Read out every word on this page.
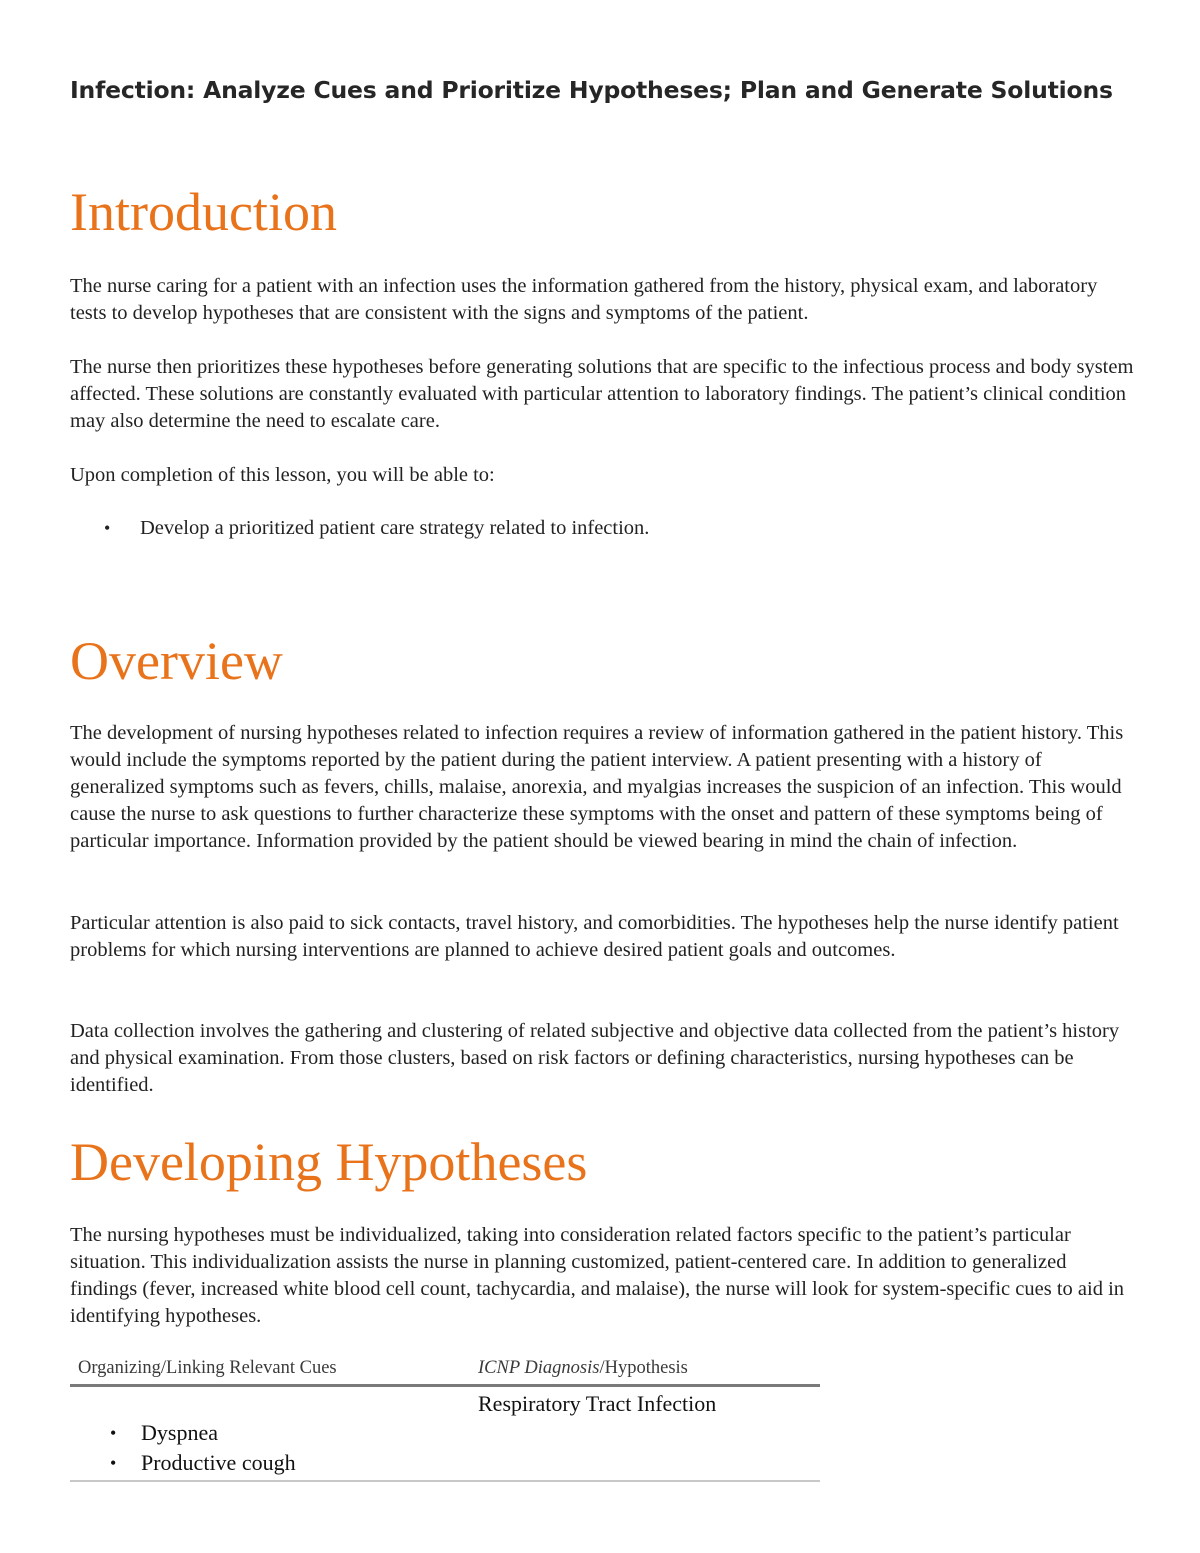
Infection: Analyze Cues and Prioritize Hypotheses; Plan and Generate Solutions
Introduction

The nurse caring for a patient with an infection uses the information gathered from the history, physical exam, and laboratory tests to develop hypotheses that are consistent with the signs and symptoms of the patient.

The nurse then prioritizes these hypotheses before generating solutions that are specific to the infectious process and body system affected. These solutions are constantly evaluated with particular attention to laboratory findings. The patient’s clinical condition may also determine the need to escalate care.

Upon completion of this lesson, you will be able to:

• Develop a prioritized patient care strategy related to infection.
Overview

The development of nursing hypotheses related to infection requires a review of information gathered in the patient history. This would include the symptoms reported by the patient during the patient interview. A patient presenting with a history of generalized symptoms such as fevers, chills, malaise, anorexia, and myalgias increases the suspicion of an infection. This would cause the nurse to ask questions to further characterize these symptoms with the onset and pattern of these symptoms being of particular importance. Information provided by the patient should be viewed bearing in mind the chain of infection.

Particular attention is also paid to sick contacts, travel history, and comorbidities. The hypotheses help the nurse identify patient problems for which nursing interventions are planned to achieve desired patient goals and outcomes.

Data collection involves the gathering and clustering of related subjective and objective data collected from the patient’s history and physical examination. From those clusters, based on risk factors or defining characteristics, nursing hypotheses can be identified.

Developing Hypotheses

The nursing hypotheses must be individualized, taking into consideration related factors specific to the patient’s particular situation. This individualization assists the nurse in planning customized, patient-centered care. In addition to generalized findings (fever, increased white blood cell count, tachycardia, and malaise), the nurse will look for system-specific cues to aid in identifying hypotheses.

Organizing/Linking Relevant Cues	ICNP Diagnosis/Hypothesis
Respiratory Tract Infection
• Dyspnea
• Productive cough
